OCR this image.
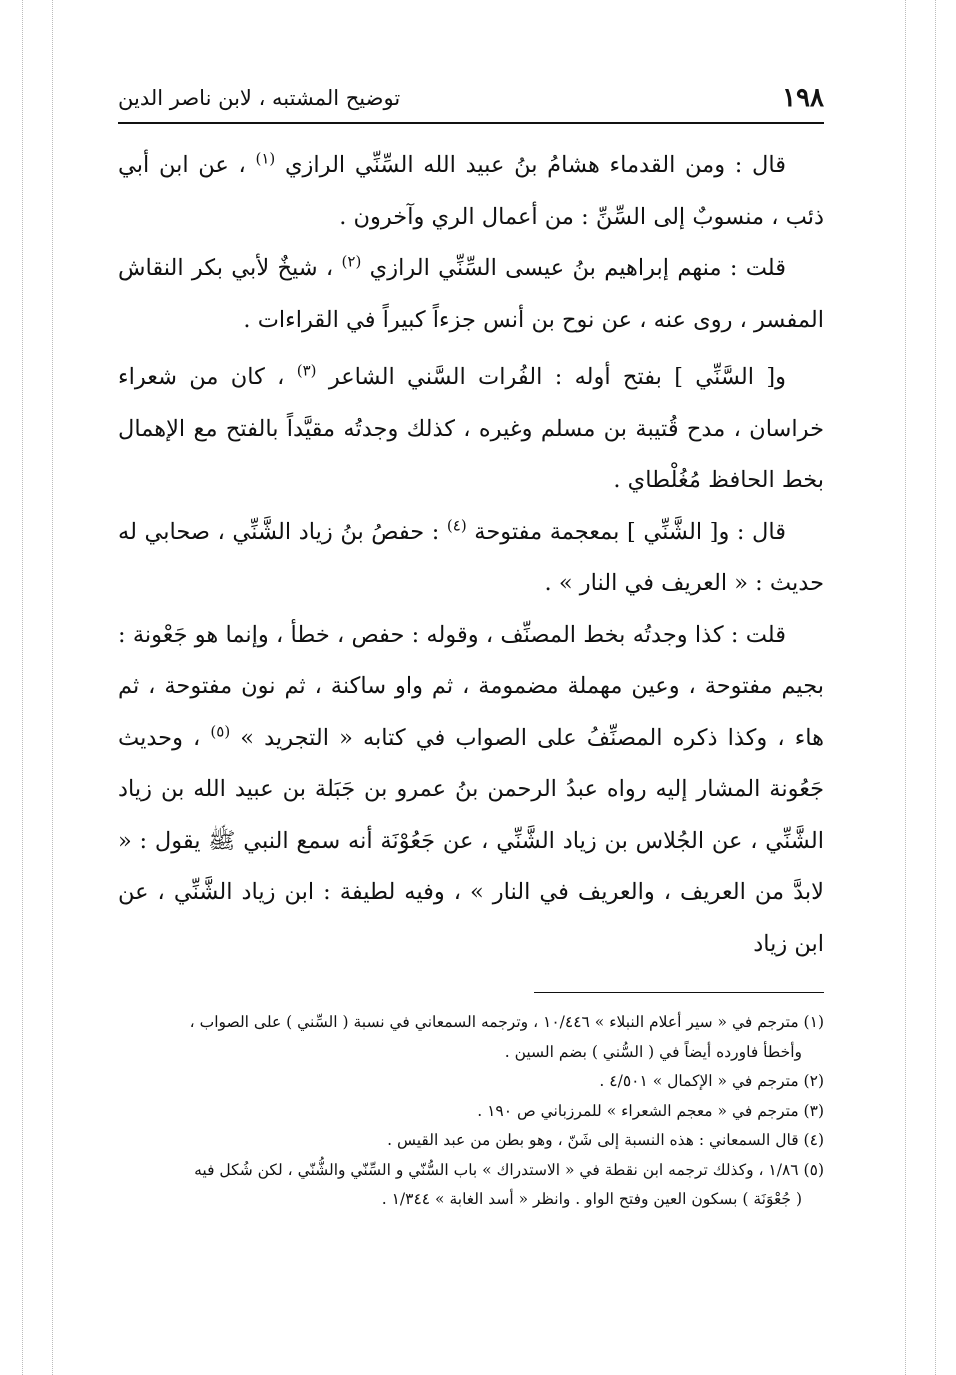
١٩٨
توضيح المشتبه ، لابن ناصر الدين

قال : ومن القدماء هشامُ بنُ عبيد الله السِّنِّي الرازي $^{(١)}$ ، عن ابن أبي ذئب ، منسوبٌ إلى السِّنِّ : من أعمال الري وآخرون .

قلت : منهم إبراهيم بنُ عيسى السِّنِّي الرازي $^{(٢)}$ ، شيخٌ لأبي بكر النقاش المفسر ، روى عنه ، عن نوح بن أنس جزءاً كبيراً في القراءات .

و[ السَّنِّي ] بفتح أوله : الفُرات السَّني الشاعر $^{(٣)}$ ، كان من شعراء خراسان ، مدح قُتيبة بن مسلم وغيره ، كذلك وجدتُه مقيَّداً بالفتح مع الإهمال بخط الحافظ مُغُلْطاي .

قال : و[ الشَّنِّي ] بمعجمة مفتوحة $^{(٤)}$ : حفصُ بنُ زياد الشَّنِّي ، صحابي له حديث : « العريف في النار » .

قلت : كذا وجدتُه بخط المصنِّف ، وقوله : حفص ، خطأ ، وإنما هو جَعْونة : بجيم مفتوحة ، وعين مهملة مضمومة ، ثم واو ساكنة ، ثم نون مفتوحة ، ثم هاء ، وكذا ذكره المصنِّفُ على الصواب في كتابه « التجريد » $^{(٥)}$ ، وحديث جَعُونة المشار إليه رواه عبدُ الرحمن بنُ عمرو بن جَبَلة بن عبيد الله بن زياد الشَّنِّي ، عن الجُلاس بن زياد الشَّنِّي ، عن جَعُوْنَة أنه سمع النبي ﷺ يقول : « لابدَّ من العريف ، والعريف في النار » ، وفيه لطيفة : ابن زياد الشَّنِّي ، عن ابن زياد

(١) مترجم في « سير أعلام النبلاء » ١٠/٤٤٦ ، وترجمه السمعاني في نسبة ( السِّني ) على الصواب ،

وأخطأ فاورده أيضاً في ( السُّني ) بضم السين .

(٢) مترجم في « الإكمال » ٤/٥٠١ .

(٣) مترجم في « معجم الشعراء » للمرزباني ص ١٩٠ .

(٤) قال السمعاني : هذه النسبة إلى شَنّ ، وهو بطن من عبد القيس .

(٥) ١/٨٦ ، وكذلك ترجمه ابن نقطة في « الاستدراك » باب السُّنّي و السِّنّي والشُّنّي ، لكن شُكل فيه

( جُعْوَنَة ) بسكون العين وفتح الواو . وانظر « أسد الغابة » ١/٣٤٤ .
